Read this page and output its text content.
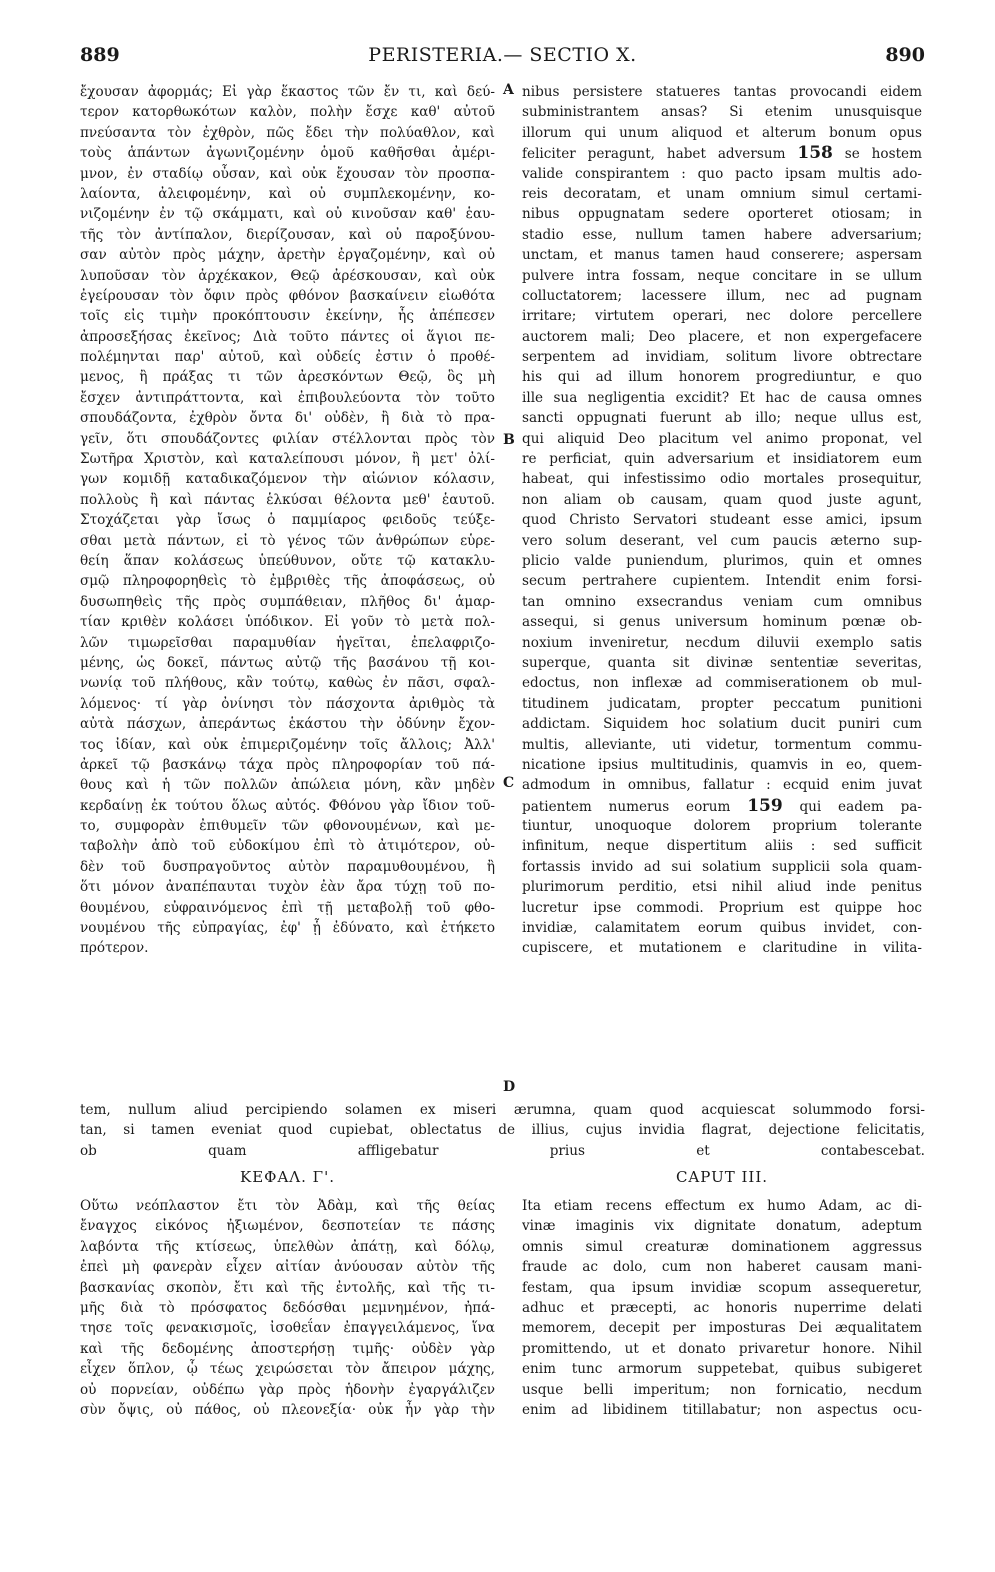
889	PERISTERIA.— SECTIO X.	890
ἔχουσαν ἀφορμάς; Εἰ γὰρ ἕκαστος τῶν ἔν τι, καὶ δεύ-
τερον κατορθωκότων καλὸν, πολὴν ἔσχε καθ' αὐτοῦ
πνεύσαντα τὸν ἐχθρὸν, πῶς ἔδει τὴν πολύαθλον, καὶ
τοὺς ἁπάντων ἀγωνιζομένην ὁμοῦ καθῆσθαι ἀμέρι-
μνον, ἐν σταδίῳ οὖσαν, καὶ οὐκ ἔχουσαν τὸν προσπα-
λαίοντα, ἀλειφομένην, καὶ οὐ συμπλεκομένην, κο-
νιζομένην ἐν τῷ σκάμματι, καὶ οὐ κινοῦσαν καθ' ἑαυ-
τῆς τὸν ἀντίπαλον, διερίζουσαν, καὶ οὐ παροξύνου-
σαν αὐτὸν πρὸς μάχην, ἀρετὴν ἐργαζομένην, καὶ οὐ
λυποῦσαν τὸν ἀρχέκακον, Θεῷ ἀρέσκουσαν, καὶ οὐκ
ἐγείρουσαν τὸν ὄφιν πρὸς φθόνον βασκαίνειν εἰωθότα
τοῖς εἰς τιμὴν προκόπτουσιν ἐκείνην, ἧς ἀπέπεσεν
ἀπροσεξήσας ἐκεῖνος; Διὰ τοῦτο πάντες οἱ ἅγιοι πε-
πολέμηνται παρ' αὐτοῦ, καὶ οὐδείς ἐστιν ὁ προθέ-
μενος, ἢ πράξας τι τῶν ἀρεσκόντων Θεῷ, ὃς μὴ
ἔσχεν ἀντιπράττοντα, καὶ ἐπιβουλεύοντα τὸν τοῦτο
σπουδάζοντα, ἐχθρὸν ὄντα δι' οὐδὲν, ἢ διὰ τὸ πρα-
γεῖν, ὅτι σπουδάζοντες φιλίαν στέλλονται πρὸς τὸν
Σωτῆρα Χριστὸν, καὶ καταλείπουσι μόνον, ἢ μετ' ὀλί-
γων κομιδῇ καταδικαζόμενον τὴν αἰώνιον κόλασιν,
πολλοὺς ἢ καὶ πάντας ἑλκύσαι θέλοντα μεθ' ἑαυτοῦ.
Στοχάζεται γὰρ ἴσως ὁ παμμίαρος φειδοῦς τεύξε-
σθαι μετὰ πάντων, εἰ τὸ γένος τῶν ἀνθρώπων εὑρε-
θείη ἅπαν κολάσεως ὑπεύθυνον, οὔτε τῷ κατακλυ-
σμῷ πληροφορηθεὶς τὸ ἐμβριθὲς τῆς ἀποφάσεως, οὐ
δυσωπηθεὶς τῆς πρὸς συμπάθειαν, πλῆθος δι' ἁμαρ-
τίαν κριθὲν κολάσει ὑπόδικον. Εἰ γοῦν τὸ μετὰ πολ-
λῶν τιμωρεῖσθαι παραμυθίαν ἡγεῖται, ἐπελαφριζο-
μένης, ὡς δοκεῖ, πάντως αὐτῷ τῆς βασάνου τῇ κοι-
νωνίᾳ τοῦ πλήθους, κἂν τούτῳ, καθὼς ἐν πᾶσι, σφαλ-
λόμενος· τί γὰρ ὀνίνησι τὸν πάσχοντα ἀριθμὸς τὰ
αὐτὰ πάσχων, ἀπεράντως ἑκάστου τὴν ὀδύνην ἔχον-
τος ἰδίαν, καὶ οὐκ ἐπιμεριζομένην τοῖς ἄλλοις; Ἀλλ'
ἀρκεῖ τῷ βασκάνῳ τάχα πρὸς πληροφορίαν τοῦ πά-
θους καὶ ἡ τῶν πολλῶν ἀπώλεια μόνη, κἂν μηδὲν
κερδαίνῃ ἐκ τούτου ὅλως αὐτός. Φθόνου γὰρ ἴδιον τοῦ-
το, συμφορὰν ἐπιθυμεῖν τῶν φθονουμένων, καὶ με-
ταβολὴν ἀπὸ τοῦ εὐδοκίμου ἐπὶ τὸ ἀτιμότερον, οὐ-
δὲν τοῦ δυσπραγοῦντος αὐτὸν παραμυθουμένου, ἢ
ὅτι μόνον ἀναπέπαυται τυχὸν ἐὰν ἄρα τύχῃ τοῦ πο-
θουμένου, εὐφραινόμενος ἐπὶ τῇ μεταβολῇ τοῦ φθο-
νουμένου τῆς εὐπραγίας, ἐφ' ᾗ ἐδύνατο, καὶ ἐτήκετο
πρότερον.
nibus persistere statueres tantas provocandi eidem
subministrantem ansas? Si etenim unusquisque
illorum qui unum aliquod et alterum bonum opus
feliciter peragunt, habet adversum 158 se hostem
valide conspirantem : quo pacto ipsam multis ado-
reis decoratam, et unam omnium simul certami-
nibus oppugnatam sedere oporteret otiosam; in
stadio esse, nullum tamen habere adversarium;
unctam, et manus tamen haud conserere; aspersam
pulvere intra fossam, neque concitare in se ullum
colluctatorem; lacessere illum, nec ad pugnam
irritare; virtutem operari, nec dolore percellere
auctorem mali; Deo placere, et non expergefacere
serpentem ad invidiam, solitum livore obtrectare
his qui ad illum honorem progrediuntur, e quo
ille sua negligentia excidit? Et hac de causa omnes
sancti oppugnati fuerunt ab illo; neque ullus est,
qui aliquid Deo placitum vel animo proponat, vel
re perficiat, quin adversarium et insidiatorem eum
habeat, qui infestissimo odio mortales prosequitur,
non aliam ob causam, quam quod juste agunt,
quod Christo Servatori studeant esse amici, ipsum
vero solum deserant, vel cum paucis æterno sup-
plicio valde puniendum, plurimos, quin et omnes
secum pertrahere cupientem. Intendit enim forsi-
tan omnino exsecrandus veniam cum omnibus
assequi, si genus universum hominum pœnæ ob-
noxium inveniretur, necdum diluvii exemplo satis
superque, quanta sit divinæ sententiæ severitas,
edoctus, non inflexæ ad commiserationem ob mul-
titudinem judicatam, propter peccatum punitioni
addictam. Siquidem hoc solatium ducit puniri cum
multis, alleviante, uti videtur, tormentum commu-
nicatione ipsius multitudinis, quamvis in eo, quem-
admodum in omnibus, fallatur : ecquid enim juvat
patientem numerus eorum 159 qui eadem pa-
tiuntur, unoquoque dolorem proprium tolerante
infinitum, neque dispertitum aliis : sed sufficit
fortassis invido ad sui solatium supplicii sola quam-
plurimorum perditio, etsi nihil aliud inde penitus
lucretur ipse commodi. Proprium est quippe hoc
invidiæ, calamitatem eorum quibus invidet, con-
cupiscere, et mutationem e claritudine in vilita-
A
B
C
D
tem, nullum aliud percipiendo solamen ex miseri ærumna, quam quod acquiescat solummodo forsi-
tan, si tamen eveniat quod cupiebat, oblectatus de illius, cujus invidia flagrat, dejectione felicitatis,
ob quam affligebatur prius et contabescebat.
ΚΕΦΑΛ. Γ'.	CAPUT III.
Οὕτω νεόπλαστον ἔτι τὸν Ἀδὰμ, καὶ τῆς θείας
ἔναγχος εἰκόνος ἠξιωμένον, δεσποτείαν τε πάσης
λαβόντα τῆς κτίσεως, ὑπελθὼν ἀπάτῃ, καὶ δόλῳ,
ἐπεὶ μὴ φανερὰν εἶχεν αἰτίαν ἀνύουσαν αὐτὸν τῆς
βασκανίας σκοπὸν, ἔτι καὶ τῆς ἐντολῆς, καὶ τῆς τι-
μῆς διὰ τὸ πρόσφατος δεδόσθαι μεμνημένον, ἠπά-
τησε τοῖς φενακισμοῖς, ἰσοθεΐαν ἐπαγγειλάμενος, ἵνα
καὶ τῆς δεδομένης ἀποστερήσῃ τιμῆς· οὐδὲν γὰρ
εἶχεν ὅπλον, ᾧ τέως χειρώσεται τὸν ἄπειρον μάχης,
οὐ πορνείαν, οὐδέπω γὰρ πρὸς ἡδονὴν ἐγαργάλιζεν
σὺν ὄψις, οὐ πάθος, οὐ πλεονεξία· οὐκ ἦν γὰρ τὴν
Ita etiam recens effectum ex humo Adam, ac di-
vinæ imaginis vix dignitate donatum, adeptum
omnis simul creaturæ dominationem aggressus
fraude ac dolo, cum non haberet causam mani-
festam, qua ipsum invidiæ scopum assequeretur,
adhuc et præcepti, ac honoris nuperrime delati
memorem, decepit per imposturas Dei æqualitatem
promittendo, ut et donato privaretur honore. Nihil
enim tunc armorum suppetebat, quibus subigeret
usque belli imperitum; non fornicatio, necdum
enim ad libidinem titillabatur; non aspectus ocu-
